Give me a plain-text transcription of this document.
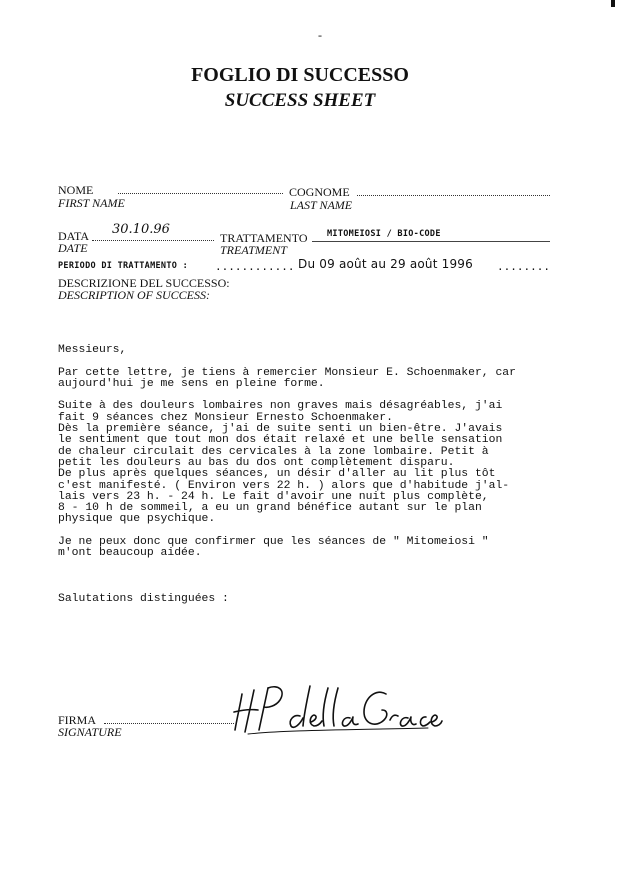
-
FOGLIO DI SUCCESSO
SUCCESS SHEET
NOME
FIRST NAME
COGNOME
LAST NAME
DATA 30.10.96
DATE
TRATTAMENTO MITOMEIOSI / BIO-CODE
TREATMENT
PERIODO DI TRATTAMENTO : ............ Du 09 août au 29 août 1996 ........
DESCRIZIONE DEL SUCCESSO:
DESCRIPTION OF SUCCESS:

Messieurs,

Par cette lettre, je tiens à remercier Monsieur E. Schoenmaker, car

aujourd'hui je me sens en pleine forme.

Suite à des douleurs lombaires non graves mais désagréables, j'ai

fait 9 séances chez Monsieur Ernesto Schoenmaker.

Dès la première séance, j'ai de suite senti un bien-être. J'avais

le sentiment que tout mon dos était relaxé et une belle sensation

de chaleur circulait des cervicales à la zone lombaire. Petit à

petit les douleurs au bas du dos ont complètement disparu.

De plus après quelques séances, un désir d'aller au lit plus tôt

c'est manifesté. ( Environ vers 22 h. ) alors que d'habitude j'al-

lais vers 23 h. - 24 h. Le fait d'avoir une nuit plus complète,

8 - 10 h de sommeil, a eu un grand bénéfice autant sur le plan

physique que psychique.

Je ne peux donc que confirmer que les séances de " Mitomeiosi "

m'ont beaucoup aidée.

Salutations distinguées :

FIRMA
SIGNATURE
